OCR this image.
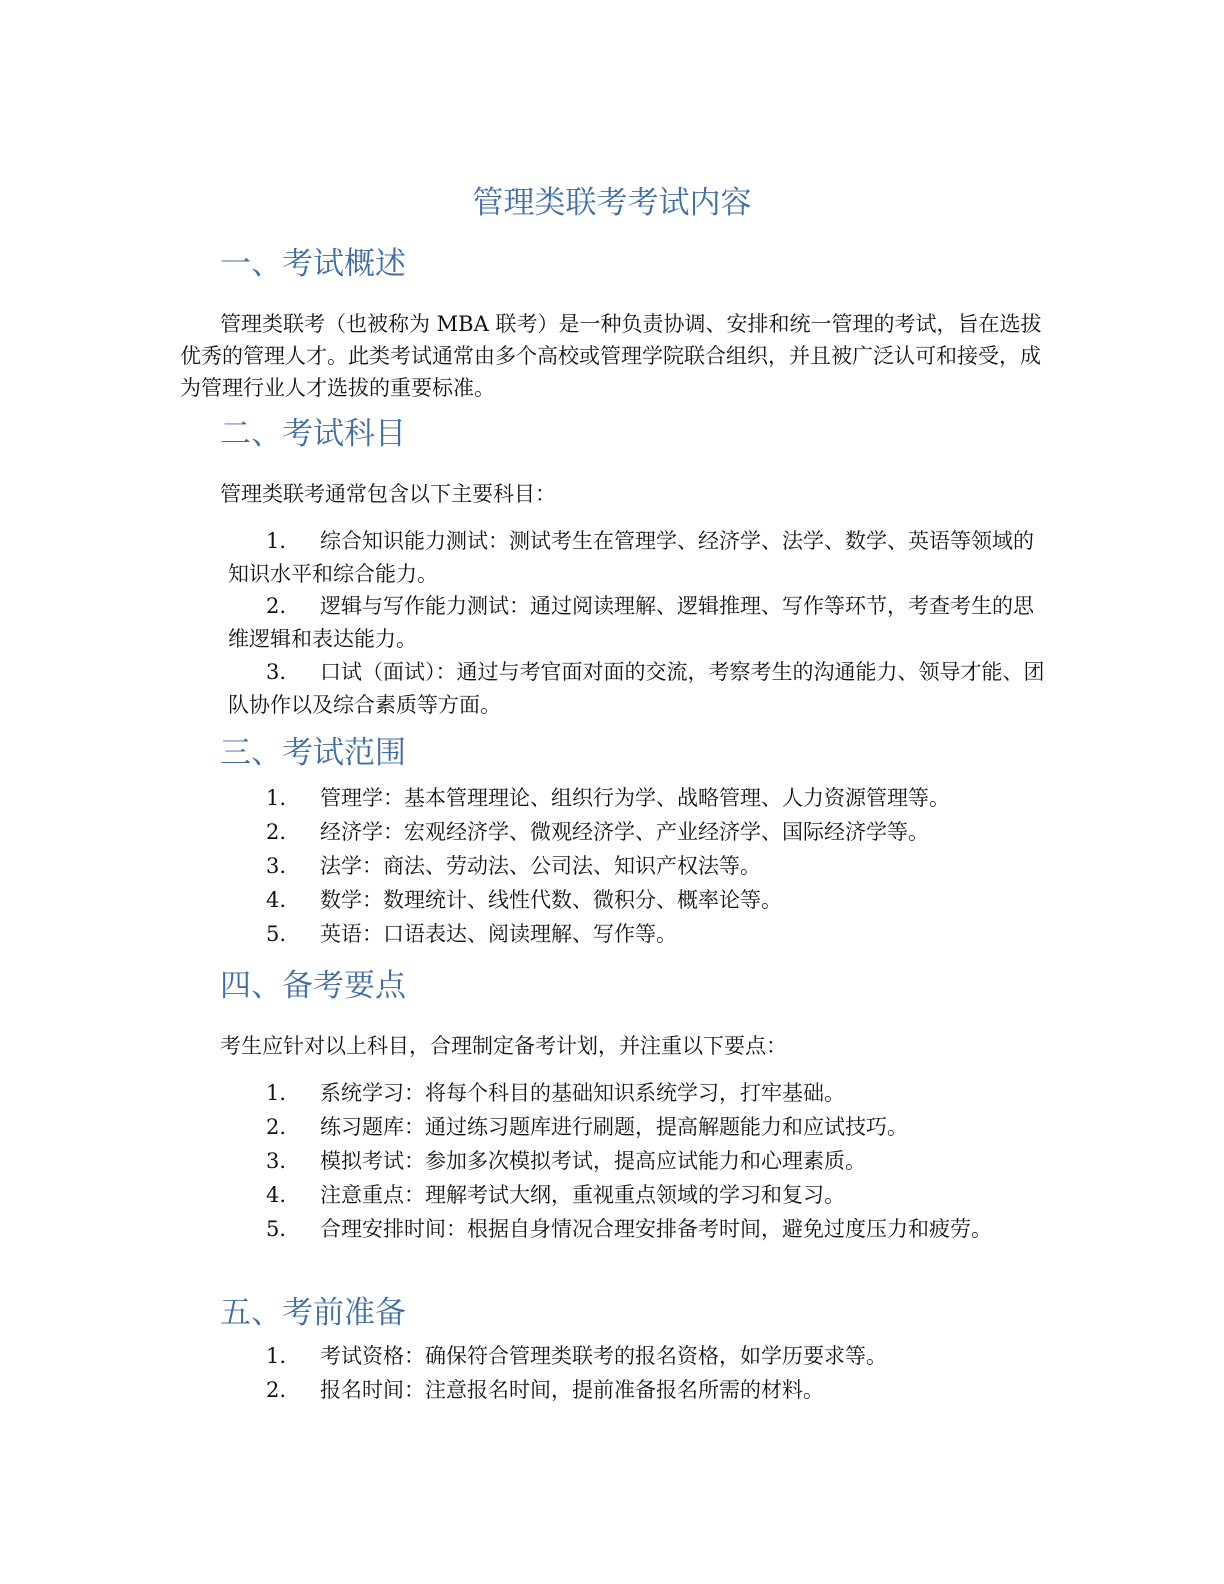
管理类联考考试内容
一、考试概述
管理类联考（也被称为 MBA 联考）是一种负责协调、安排和统一管理的考试，旨在选拔优秀的管理人才。此类考试通常由多个高校或管理学院联合组织，并且被广泛认可和接受，成为管理行业人才选拔的重要标准。
二、考试科目
管理类联考通常包含以下主要科目：
1. 综合知识能力测试：测试考生在管理学、经济学、法学、数学、英语等领域的知识水平和综合能力。
2. 逻辑与写作能力测试：通过阅读理解、逻辑推理、写作等环节，考查考生的思维逻辑和表达能力。
3. 口试（面试）：通过与考官面对面的交流，考察考生的沟通能力、领导才能、团队协作以及综合素质等方面。
三、考试范围
1. 管理学：基本管理理论、组织行为学、战略管理、人力资源管理等。
2. 经济学：宏观经济学、微观经济学、产业经济学、国际经济学等。
3. 法学：商法、劳动法、公司法、知识产权法等。
4. 数学：数理统计、线性代数、微积分、概率论等。
5. 英语：口语表达、阅读理解、写作等。
四、备考要点
考生应针对以上科目，合理制定备考计划，并注重以下要点：
1. 系统学习：将每个科目的基础知识系统学习，打牢基础。
2. 练习题库：通过练习题库进行刷题，提高解题能力和应试技巧。
3. 模拟考试：参加多次模拟考试，提高应试能力和心理素质。
4. 注意重点：理解考试大纲，重视重点领域的学习和复习。
5. 合理安排时间：根据自身情况合理安排备考时间，避免过度压力和疲劳。
五、考前准备
1. 考试资格：确保符合管理类联考的报名资格，如学历要求等。
2. 报名时间：注意报名时间，提前准备报名所需的材料。
